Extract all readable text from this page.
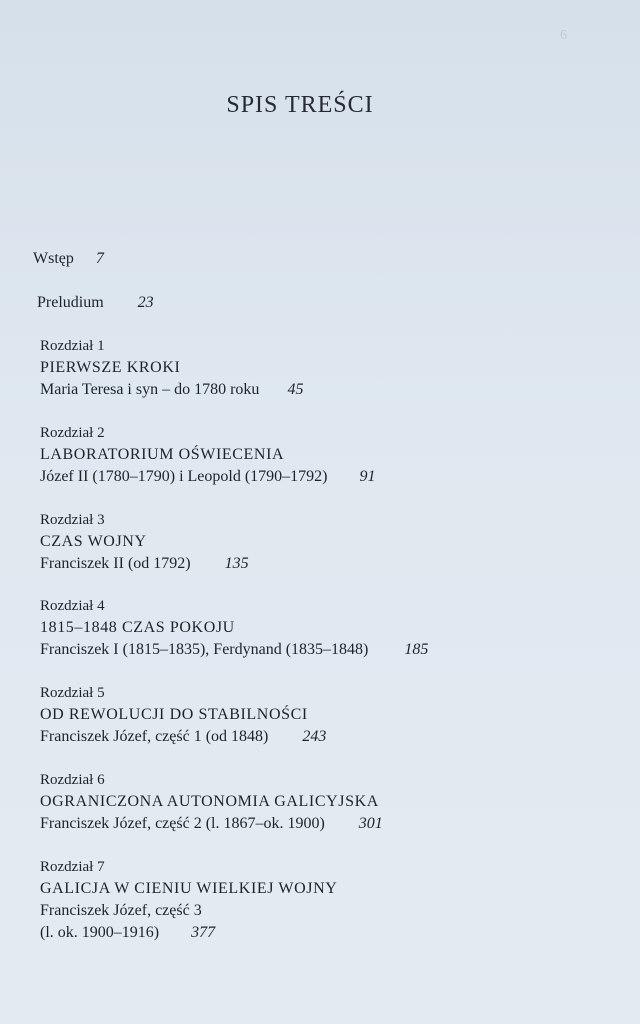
6
SPIS TREŚCI
Wstęp 7
Preludium 23
Rozdział 1
PIERWSZE KROKI
Maria Teresa i syn – do 1780 roku 45
Rozdział 2
LABORATORIUM OŚWIECENIA
Józef II (1780–1790) i Leopold (1790–1792) 91
Rozdział 3
CZAS WOJNY
Franciszek II (od 1792) 135
Rozdział 4
1815–1848 CZAS POKOJU
Franciszek I (1815–1835), Ferdynand (1835–1848) 185
Rozdział 5
OD REWOLUCJI DO STABILNOŚCI
Franciszek Józef, część 1 (od 1848) 243
Rozdział 6
OGRANICZONA AUTONOMIA GALICYJSKA
Franciszek Józef, część 2 (l. 1867–ok. 1900) 301
Rozdział 7
GALICJA W CIENIU WIELKIEJ WOJNY
Franciszek Józef, część 3
(l. ok. 1900–1916) 377
